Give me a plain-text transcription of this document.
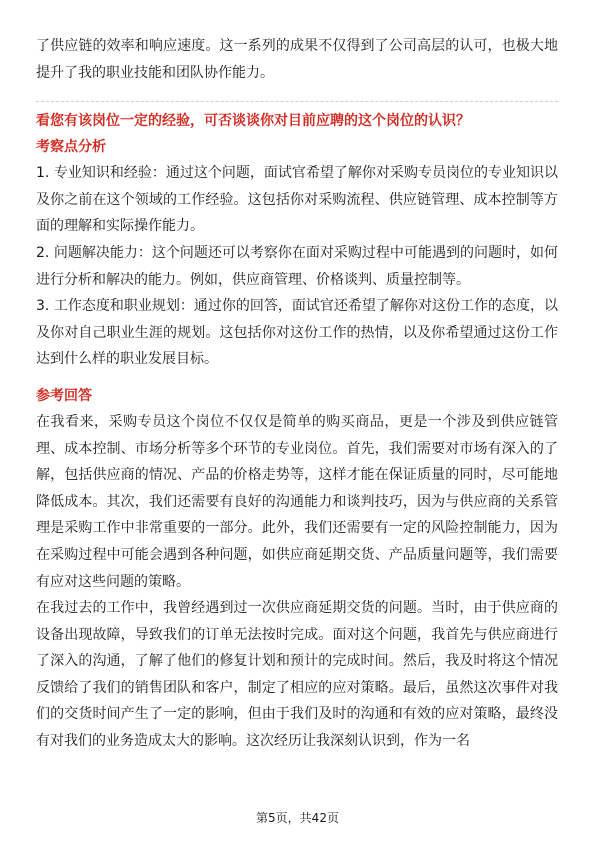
了供应链的效率和响应速度。这一系列的成果不仅得到了公司高层的认可，也极大地提升了我的职业技能和团队协作能力。

看您有该岗位一定的经验，可否谈谈你对目前应聘的这个岗位的认识？

考察点分析

1. 专业知识和经验：通过这个问题，面试官希望了解你对采购专员岗位的专业知识以及你之前在这个领域的工作经验。这包括你对采购流程、供应链管理、成本控制等方面的理解和实际操作能力。

2. 问题解决能力：这个问题还可以考察你在面对采购过程中可能遇到的问题时，如何进行分析和解决的能力。例如，供应商管理、价格谈判、质量控制等。

3. 工作态度和职业规划：通过你的回答，面试官还希望了解你对这份工作的态度，以及你对自己职业生涯的规划。这包括你对这份工作的热情，以及你希望通过这份工作达到什么样的职业发展目标。

参考回答

在我看来，采购专员这个岗位不仅仅是简单的购买商品，更是一个涉及到供应链管理、成本控制、市场分析等多个环节的专业岗位。首先，我们需要对市场有深入的了解，包括供应商的情况、产品的价格走势等，这样才能在保证质量的同时，尽可能地降低成本。其次，我们还需要有良好的沟通能力和谈判技巧，因为与供应商的关系管理是采购工作中非常重要的一部分。此外，我们还需要有一定的风险控制能力，因为在采购过程中可能会遇到各种问题，如供应商延期交货、产品质量问题等，我们需要有应对这些问题的策略。

在我过去的工作中，我曾经遇到过一次供应商延期交货的问题。当时，由于供应商的设备出现故障，导致我们的订单无法按时完成。面对这个问题，我首先与供应商进行了深入的沟通，了解了他们的修复计划和预计的完成时间。然后，我及时将这个情况反馈给了我们的销售团队和客户，制定了相应的应对策略。最后，虽然这次事件对我们的交货时间产生了一定的影响，但由于我们及时的沟通和有效的应对策略，最终没有对我们的业务造成太大的影响。这次经历让我深刻认识到，作为一名

第5页，共42页
